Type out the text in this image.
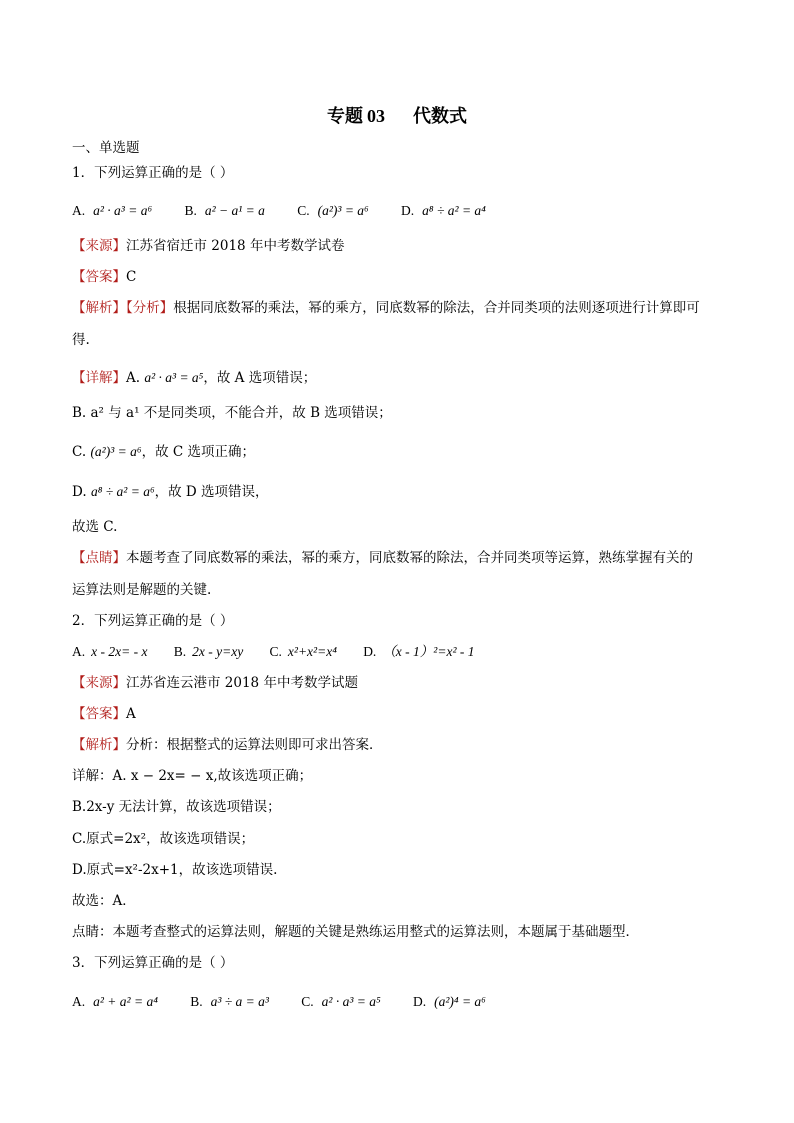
专题 03 代数式
一、单选题
1．下列运算正确的是（ ）
A. a² · a³ = a⁶ B. a² − a¹ = a C. (a²)³ = a⁶ D. a⁸ ÷ a² = a⁴
【来源】江苏省宿迁市 2018 年中考数学试卷
【答案】C
【解析】【分析】根据同底数幂的乘法，幂的乘方，同底数幂的除法，合并同类项的法则逐项进行计算即可
得.
【详解】A. a² · a³ = a⁵，故 A 选项错误；
B. a² 与 a¹ 不是同类项，不能合并，故 B 选项错误；
C. (a²)³ = a⁶，故 C 选项正确；
D. a⁸ ÷ a² = a⁶，故 D 选项错误，
故选 C.
【点睛】本题考查了同底数幂的乘法，幂的乘方，同底数幂的除法，合并同类项等运算，熟练掌握有关的
运算法则是解题的关键.
2．下列运算正确的是（ ）
A. x - 2x= - x B. 2x - y=xy C. x²+x²=x⁴ D. （x - 1）²=x² - 1
【来源】江苏省连云港市 2018 年中考数学试题
【答案】A
【解析】分析：根据整式的运算法则即可求出答案．
详解：A. x − 2x= − x,故该选项正确；
B.2x-y 无法计算，故该选项错误；
C.原式=2x²，故该选项错误；
D.原式=x²-2x+1，故该选项错误.
故选：A．
点睛：本题考查整式的运算法则，解题的关键是熟练运用整式的运算法则，本题属于基础题型．
3．下列运算正确的是（ ）
A. a² + a² = a⁴ B. a³ ÷ a = a³ C. a² · a³ = a⁵ D. (a²)⁴ = a⁶
